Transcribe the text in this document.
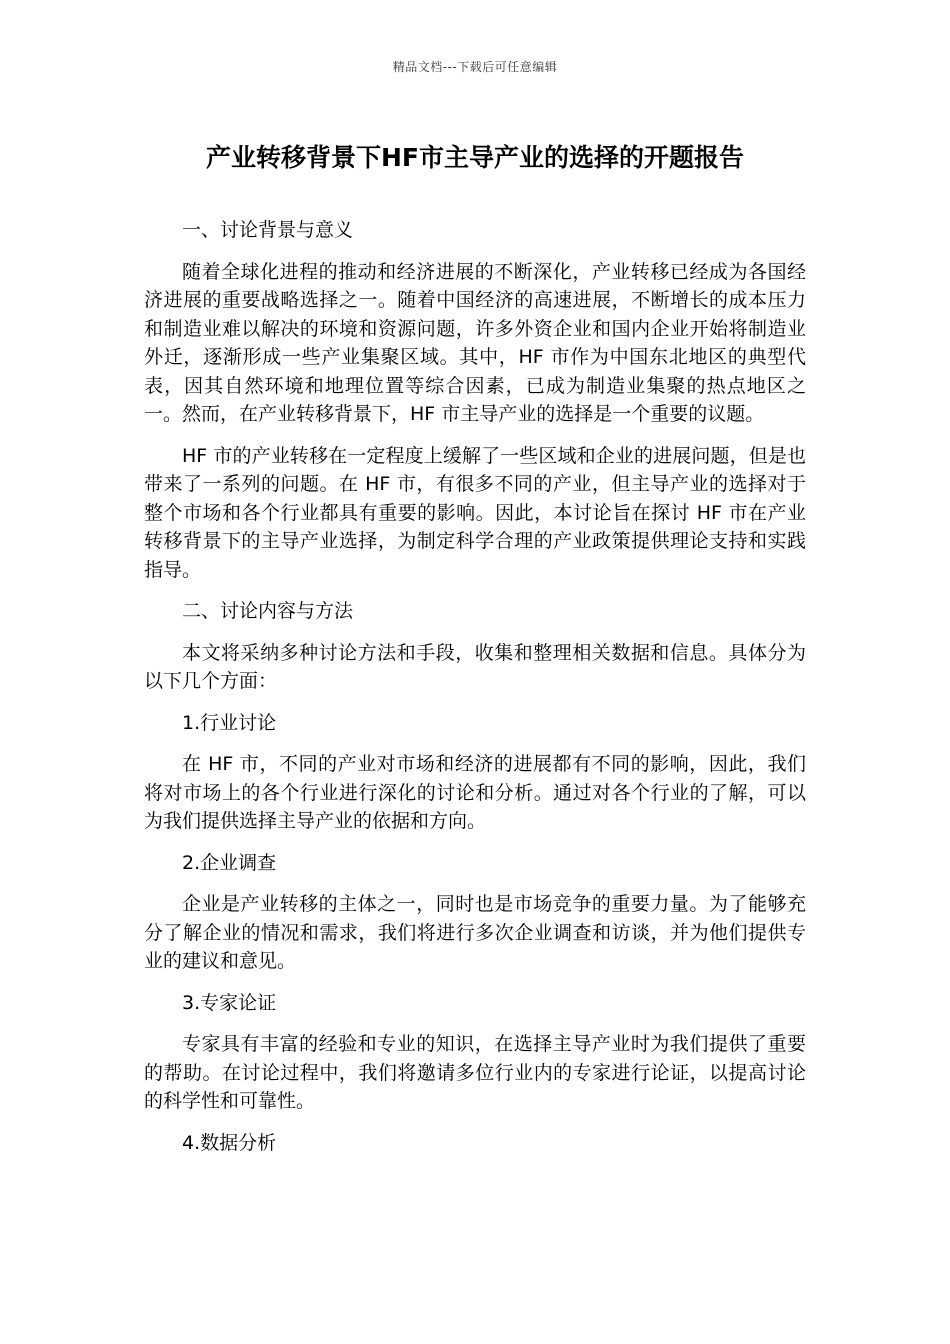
精品文档---下载后可任意编辑
产业转移背景下HF市主导产业的选择的开题报告

一、讨论背景与意义

随着全球化进程的推动和经济进展的不断深化，产业转移已经成为各国经济进展的重要战略选择之一。随着中国经济的高速进展，不断增长的成本压力和制造业难以解决的环境和资源问题，许多外资企业和国内企业开始将制造业外迁，逐渐形成一些产业集聚区域。其中，HF 市作为中国东北地区的典型代表，因其自然环境和地理位置等综合因素，已成为制造业集聚的热点地区之一。然而，在产业转移背景下，HF 市主导产业的选择是一个重要的议题。

HF 市的产业转移在一定程度上缓解了一些区域和企业的进展问题，但是也带来了一系列的问题。在 HF 市，有很多不同的产业，但主导产业的选择对于整个市场和各个行业都具有重要的影响。因此，本讨论旨在探讨 HF 市在产业转移背景下的主导产业选择，为制定科学合理的产业政策提供理论支持和实践指导。

二、讨论内容与方法

本文将采纳多种讨论方法和手段，收集和整理相关数据和信息。具体分为以下几个方面：

1.行业讨论

在 HF 市，不同的产业对市场和经济的进展都有不同的影响，因此，我们将对市场上的各个行业进行深化的讨论和分析。通过对各个行业的了解，可以为我们提供选择主导产业的依据和方向。

2.企业调查

企业是产业转移的主体之一，同时也是市场竞争的重要力量。为了能够充分了解企业的情况和需求，我们将进行多次企业调查和访谈，并为他们提供专业的建议和意见。

3.专家论证

专家具有丰富的经验和专业的知识，在选择主导产业时为我们提供了重要的帮助。在讨论过程中，我们将邀请多位行业内的专家进行论证，以提高讨论的科学性和可靠性。

4.数据分析
